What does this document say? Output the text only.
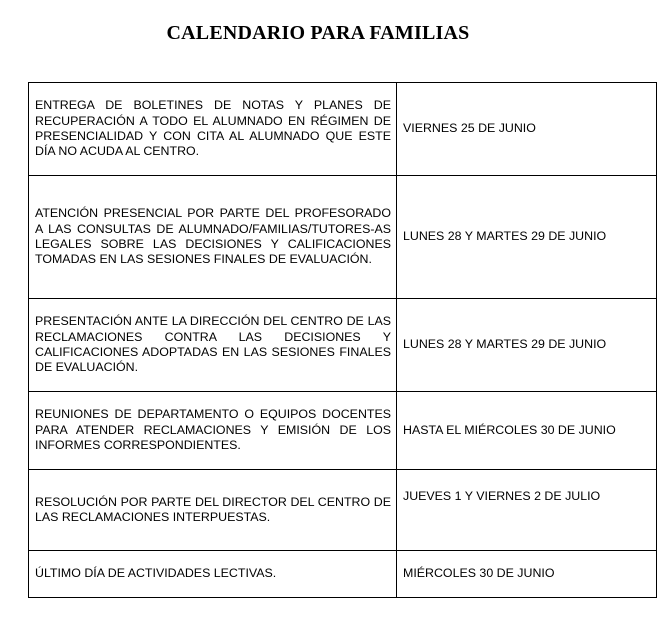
CALENDARIO PARA FAMILIAS
ENTREGA DE BOLETINES DE NOTAS Y PLANES DE RECUPERACIÓN A TODO EL ALUMNADO EN RÉGIMEN DE PRESENCIALIDAD Y CON CITA AL ALUMNADO QUE ESTE DÍA NO ACUDA AL CENTRO.	VIERNES 25 DE JUNIO
ATENCIÓN PRESENCIAL POR PARTE DEL PROFESORADO A LAS CONSULTAS DE ALUMNADO/FAMILIAS/TUTORES-AS LEGALES SOBRE LAS DECISIONES Y CALIFICACIONES TOMADAS EN LAS SESIONES FINALES DE EVALUACIÓN.	LUNES 28 Y MARTES 29 DE JUNIO
PRESENTACIÓN ANTE LA DIRECCIÓN DEL CENTRO DE LAS RECLAMACIONES CONTRA LAS DECISIONES Y CALIFICACIONES ADOPTADAS EN LAS SESIONES FINALES DE EVALUACIÓN.	LUNES 28 Y MARTES 29 DE JUNIO
REUNIONES DE DEPARTAMENTO O EQUIPOS DOCENTES PARA ATENDER RECLAMACIONES Y EMISIÓN DE LOS INFORMES CORRESPONDIENTES.	HASTA EL MIÉRCOLES 30 DE JUNIO
RESOLUCIÓN POR PARTE DEL DIRECTOR DEL CENTRO DE LAS RECLAMACIONES INTERPUESTAS.	JUEVES 1 Y VIERNES 2 DE JULIO
ÚLTIMO DÍA DE ACTIVIDADES LECTIVAS.	MIÉRCOLES 30 DE JUNIO
